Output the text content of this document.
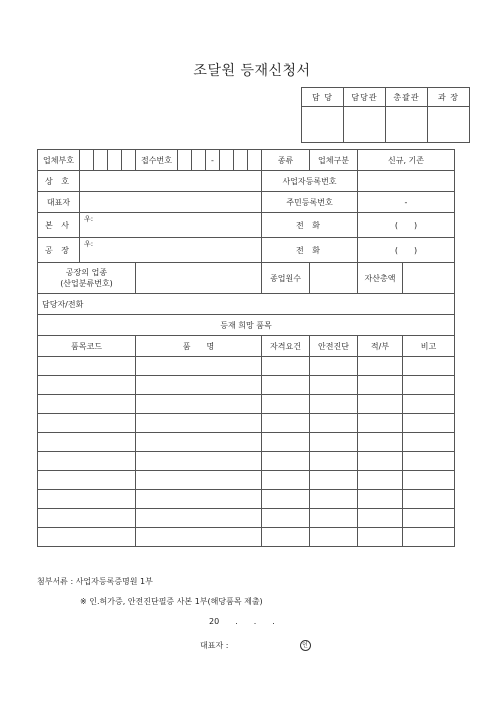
조달원 등재신청서
담 당	담당관	총괄관	과 장

업체부호					접수번호			-				종류	업체구분	신규, 기존	
상 호												사업자등록번호			
대표자												주민등록번호		-	
본 사	우:											전 화		(　　)	
공 장	우:											전 화		(　　)	

공장의 업종
(산업분류번호)												종업원수		자산총액	
담당자/전화															
등재 희망 품목															
품목코드					품　　명							자격요건	안전진단	적/부	비고

첨부서류 : 사업자등록증명원 1부
※ 인.허가증, 안전진단필증 사본 1부(해당품목 제출)
20　　.　　.　　.
대표자 :	인
